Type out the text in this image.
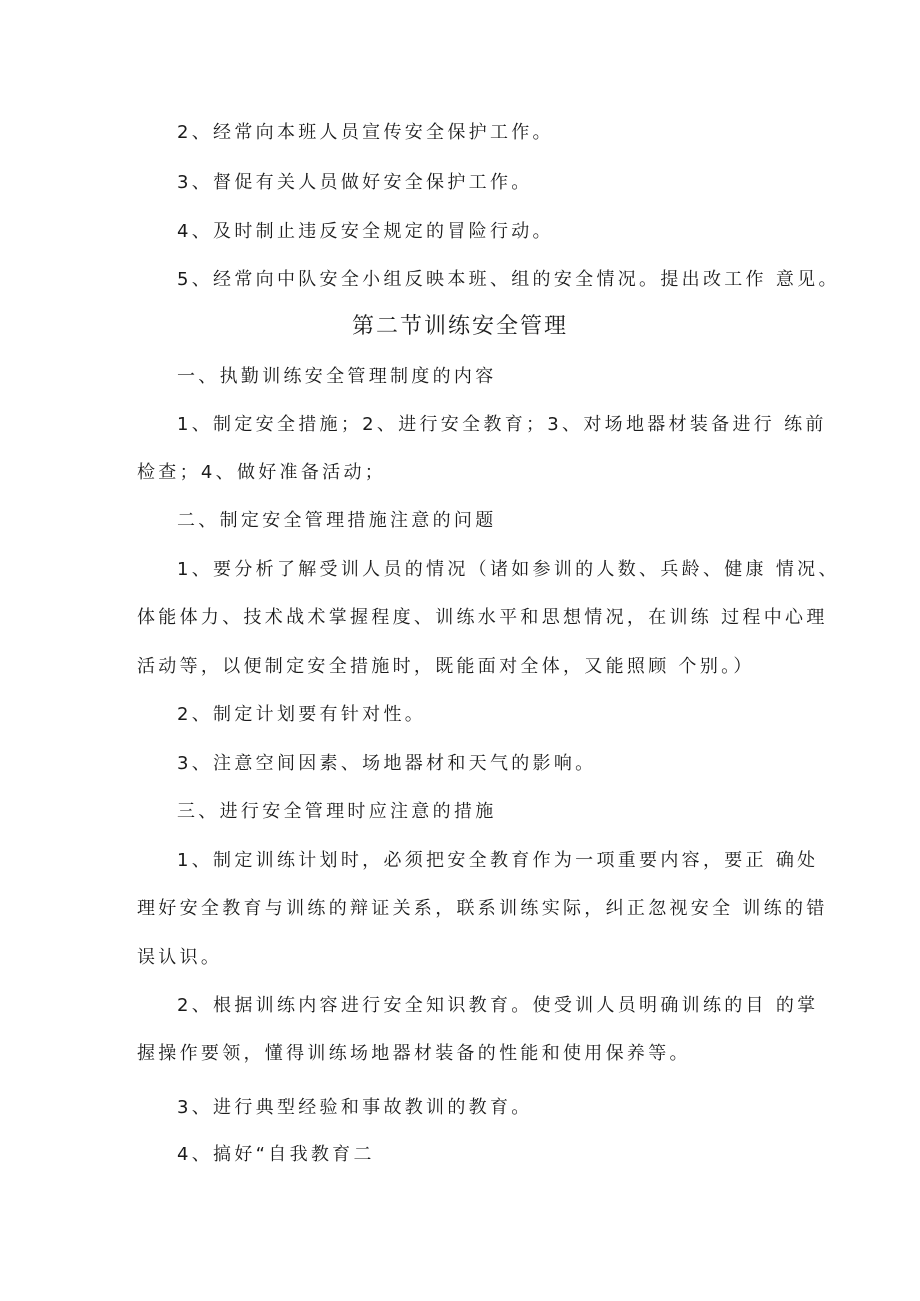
2、经常向本班人员宣传安全保护工作。
3、督促有关人员做好安全保护工作。
4、及时制止违反安全规定的冒险行动。
5、经常向中队安全小组反映本班、组的安全情况。提出改工作 意见。
第二节训练安全管理
一、执勤训练安全管理制度的内容
1、制定安全措施；2、进行安全教育；3、对场地器材装备进行 练前
检查；4、做好准备活动；
二、制定安全管理措施注意的问题
1、要分析了解受训人员的情况（诸如参训的人数、兵龄、健康 情况、
体能体力、技术战术掌握程度、训练水平和思想情况，在训练 过程中心理
活动等，以便制定安全措施时，既能面对全体，又能照顾 个别。）
2、制定计划要有针对性。
3、注意空间因素、场地器材和天气的影响。
三、进行安全管理时应注意的措施
1、制定训练计划时，必须把安全教育作为一项重要内容，要正 确处
理好安全教育与训练的辩证关系，联系训练实际，纠正忽视安全 训练的错
误认识。
2、根据训练内容进行安全知识教育。使受训人员明确训练的目 的掌
握操作要领，懂得训练场地器材装备的性能和使用保养等。
3、进行典型经验和事故教训的教育。
4、搞好“自我教育二
